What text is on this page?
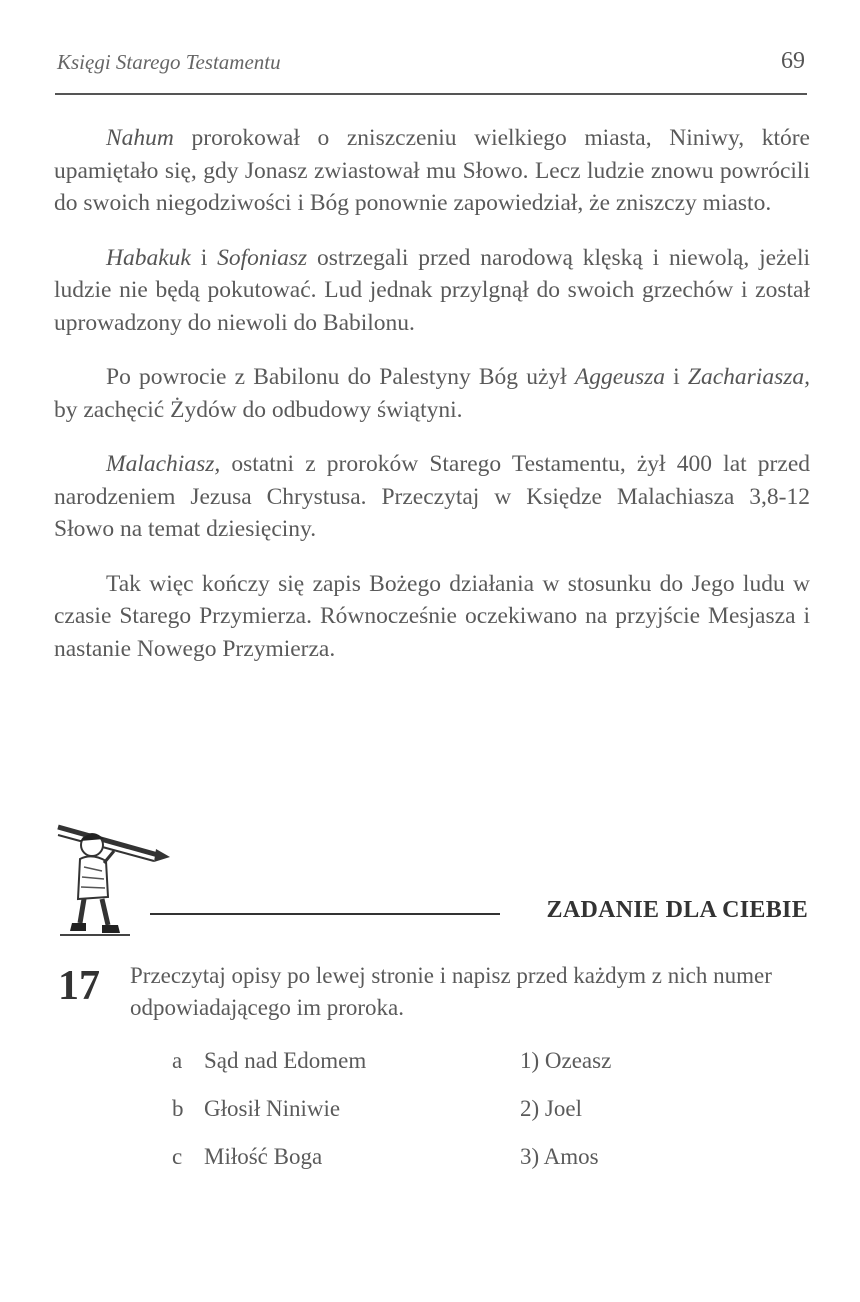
Księgi Starego Testamentu	69

Nahum prorokował o zniszczeniu wielkiego miasta, Niniwy, które upamiętało się, gdy Jonasz zwiastował mu Słowo. Lecz ludzie znowu powrócili do swoich niegodziwości i Bóg ponownie zapowiedział, że zniszczy miasto.

Habakuk i Sofoniasz ostrzegali przed narodową klęską i niewolą, jeżeli ludzie nie będą pokutować. Lud jednak przylgnął do swoich grzechów i został uprowadzony do niewoli do Babilonu.

Po powrocie z Babilonu do Palestyny Bóg użył Aggeusza i Zachariasza, by zachęcić Żydów do odbudowy świątyni.

Malachiasz, ostatni z proroków Starego Testamentu, żył 400 lat przed narodzeniem Jezusa Chrystusa. Przeczytaj w Księdze Malachiasza 3,8-12 Słowo na temat dziesięciny.

Tak więc kończy się zapis Bożego działania w stosunku do Jego ludu w czasie Starego Przymierza. Równocześnie oczekiwano na przyjście Mesjasza i nastanie Nowego Przymierza.

ZADANIE DLA CIEBIE
17 Przeczytaj opisy po lewej stronie i napisz przed każdym z nich numer odpowiadającego im proroka.
a Sąd nad Edomem	1) Ozeasz
b Głosił Niniwie	2) Joel
c Miłość Boga	3) Amos
